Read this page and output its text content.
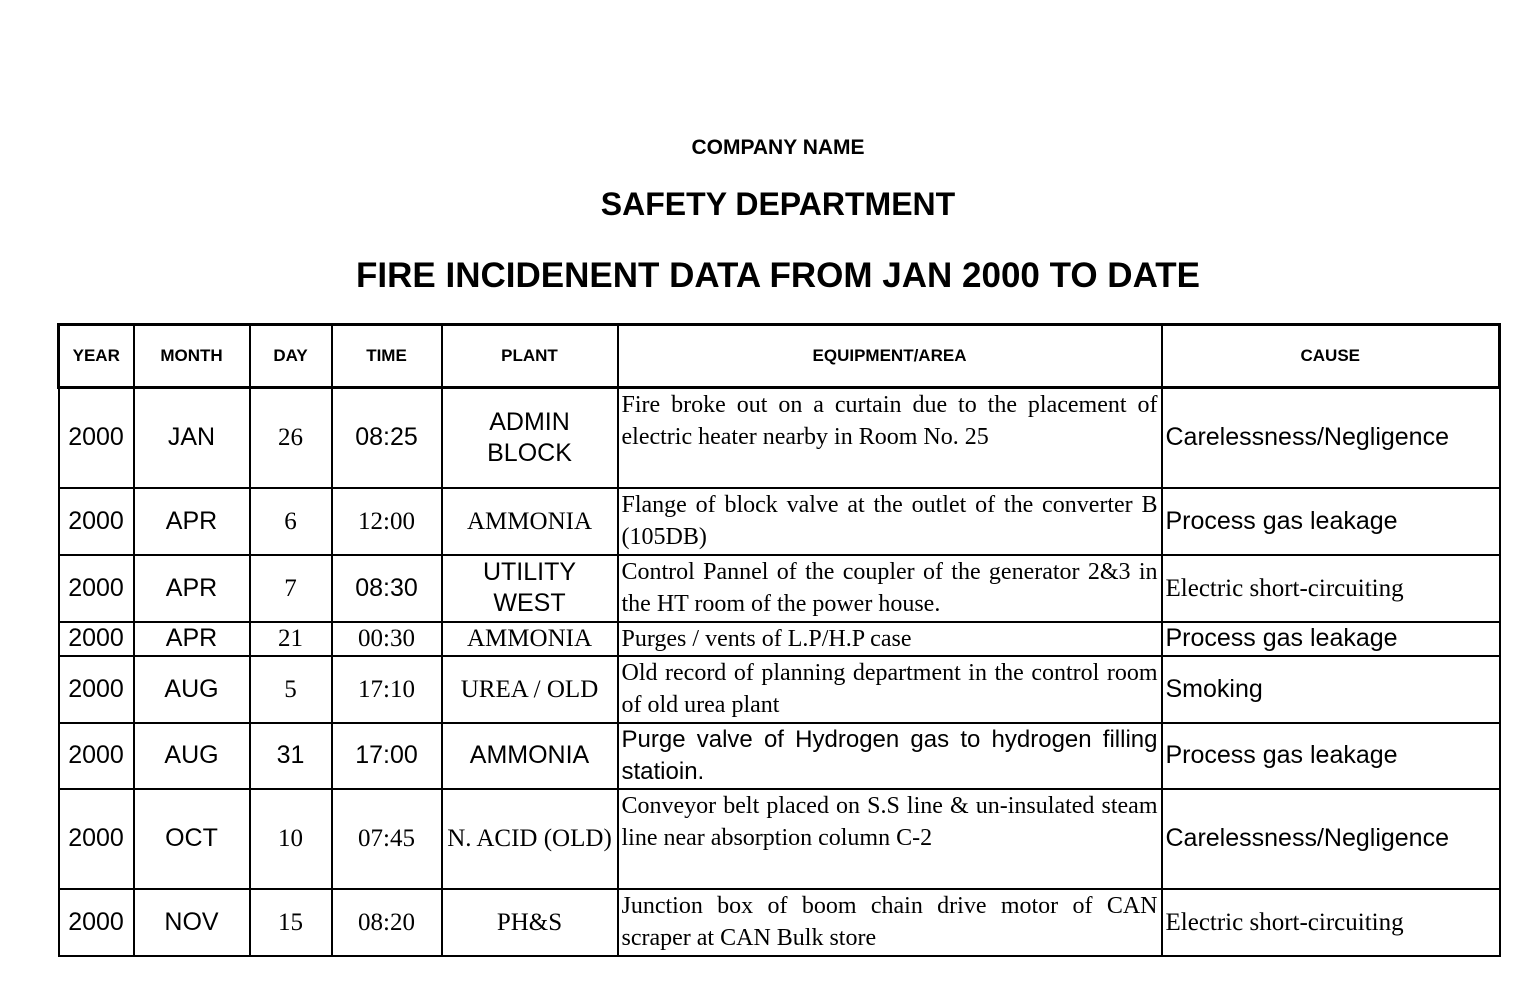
COMPANY NAME
SAFETY DEPARTMENT
FIRE INCIDENENT DATA FROM JAN 2000 TO DATE
YEAR	MONTH	DAY	TIME	PLANT	EQUIPMENT/AREA	CAUSE
2000	JAN	26	08:25	ADMIN BLOCK	Fire broke out on a curtain due to the placement of electric heater nearby in Room No. 25	Carelessness/Negligence
2000	APR	6	12:00	AMMONIA	Flange of block valve at the outlet of the converter B (105DB)	Process gas leakage
2000	APR	7	08:30	UTILITY WEST	Control Pannel of the coupler of the generator 2&3 in the HT room of the power house.	Electric short-circuiting
2000	APR	21	00:30	AMMONIA	Purges / vents of L.P/H.P case	Process gas leakage
2000	AUG	5	17:10	UREA / OLD	Old record of planning department in the control room of old urea plant	Smoking
2000	AUG	31	17:00	AMMONIA	Purge valve of Hydrogen gas to hydrogen filling statioin.	Process gas leakage
2000	OCT	10	07:45	N. ACID (OLD)	Conveyor belt placed on S.S line & un-insulated steam line near absorption column C-2	Carelessness/Negligence
2000	NOV	15	08:20	PH&S	Junction box of boom chain drive motor of CAN scraper at CAN Bulk store	Electric short-circuiting
